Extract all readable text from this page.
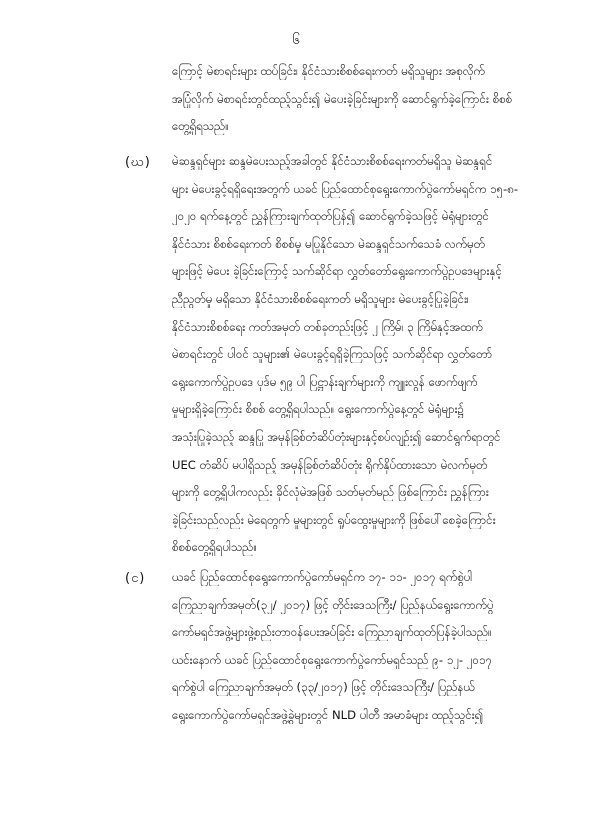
၆
ကြောင့် မဲစာရင်းများ ထပ်ခြင်း၊ နိုင်ငံသားစိစစ်ရေးကတ် မရှိသူများ အစုလိုက်
အပြုံလိုက် မဲစာရင်းတွင်ထည့်သွင်း၍ မဲပေးခဲ့ခြင်းများကို ဆောင်ရွက်ခဲ့ကြောင်း စိစစ်
တွေ့ရှိရသည်။
(ဃ) မဲဆန္ဒရှင်များ ဆန္ဒမဲပေးသည့်အခါတွင် နိုင်ငံသားစိစစ်ရေးကတ်မရှိသူ မဲဆန္ဒရှင်
များ မဲပေးခွင့်ရရှိရေးအတွက် ယခင် ပြည်ထောင်စုရွေးကောက်ပွဲကော်မရှင်က ၁၅-၈-
၂၀၂၀ ရက်နေ့တွင် ညွှန်ကြားချက်ထုတ်ပြန်၍ ဆောင်ရွက်ခဲ့သဖြင့် မဲရုံများတွင်
နိုင်ငံသား စိစစ်ရေးကတ် စိစစ်မှု မပြုနိုင်သော မဲဆန္ဒရှင်သက်သေခံ လက်မှတ်
များဖြင့် မဲပေး ခဲ့ခြင်းကြောင့် သက်ဆိုင်ရာ လွှတ်တော်ရွေးကောက်ပွဲဥပဒေများနှင့်
ညီညွတ်မှု မရှိသော နိုင်ငံသားစိစစ်ရေးကတ် မရှိသူများ မဲပေးခွင့်ပြုခဲ့ခြင်း၊
နိုင်ငံသားစိစစ်ရေး ကတ်အမှတ် တစ်ခုတည်းဖြင့် ၂ ကြိမ်၊ ၃ ကြိမ်နှင့်အထက်
မဲစာရင်းတွင် ပါဝင် သူများ၏ မဲပေးခွင့်ရရှိခဲ့ကြသဖြင့် သက်ဆိုင်ရာ လွှတ်တော်
ရွေးကောက်ပွဲဥပဒေ ပုဒ်မ ၅၉ ပါ ပြဋ္ဌာန်းချက်များကို ကျူးလွန် ဖောက်ဖျက်
မှုများရှိခဲ့ကြောင်း စိစစ် တွေ့ရှိရပါသည်။ ရွေးကောက်ပွဲနေ့တွင် မဲရုံများ၌
အသုံးပြုခဲ့သည့် ဆန္ဒပြု အမှန်ခြစ်တံဆိပ်တုံးများနှင့်စပ်လျဉ်း၍ ဆောင်ရွက်ရာတွင်
UEC တံဆိပ် မပါရှိသည့် အမှန်ခြစ်တံဆိပ်တုံး ရိုက်နှိပ်ထားသော မဲလက်မှတ်
များကို တွေ့ရှိပါကလည်း ခိုင်လုံမဲအဖြစ် သတ်မှတ်မည် ဖြစ်ကြောင်း ညွှန်ကြား
ခဲ့ခြင်းသည်လည်း မဲရေတွက် မှုများတွင် ရှုပ်ထွေးမှုများကို ဖြစ်ပေါ်စေခဲ့ကြောင်း
စိစစ်တွေ့ရှိရပါသည်။
(င) ယခင် ပြည်ထောင်စုရွေးကောက်ပွဲကော်မရှင်က ၁၇- ၁၁- ၂၀၁၇ ရက်စွဲပါ
ကြေညာချက်အမှတ်(၃၂/ ၂၀၁၇) ဖြင့် တိုင်းဒေသကြီး/ ပြည်နယ်ရွေးကောက်ပွဲ
ကော်မရှင်အဖွဲ့များဖွဲ့စည်းတာဝန်ပေးအပ်ခြင်း ကြေညာချက်ထုတ်ပြန်ခဲ့ပါသည်။
ယင်းနောက် ယခင် ပြည်ထောင်စုရွေးကောက်ပွဲကော်မရှင်သည် ၉- ၁၂- ၂၀၁၇
ရက်စွဲပါ ကြေညာချက်အမှတ် (၃၃/၂၀၁၇) ဖြင့် တိုင်းဒေသကြီး/ ပြည်နယ်
ရွေးကောက်ပွဲကော်မရှင်အဖွဲ့ခွဲများတွင် NLD ပါတီ အမာခံများ ထည့်သွင်း၍
